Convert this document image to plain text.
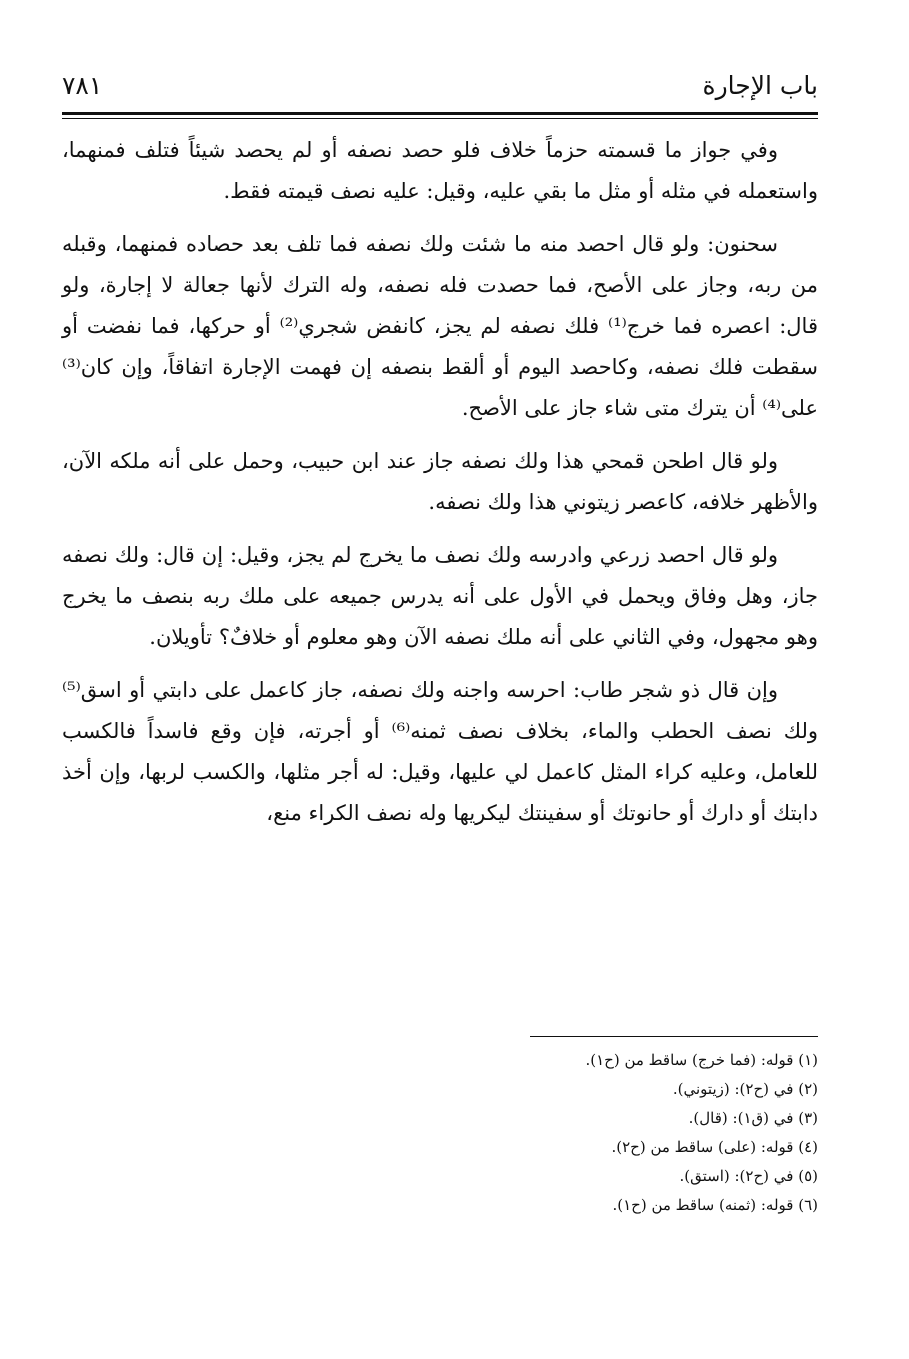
باب الإجارة
٧٨١

وفي جواز ما قسمته حزماً خلاف فلو حصد نصفه أو لم يحصد شيئاً فتلف فمنهما، واستعمله في مثله أو مثل ما بقي عليه، وقيل: عليه نصف قيمته فقط.

سحنون: ولو قال احصد منه ما شئت ولك نصفه فما تلف بعد حصاده فمنهما، وقبله من ربه، وجاز على الأصح، فما حصدت فله نصفه، وله الترك لأنها جعالة لا إجارة، ولو قال: اعصره فما خرج⁽¹⁾ فلك نصفه لم يجز، كانفض شجري⁽²⁾ أو حركها، فما نفضت أو سقطت فلك نصفه، وكاحصد اليوم أو ألقط بنصفه إن فهمت الإجارة اتفاقاً، وإن كان⁽³⁾ على⁽⁴⁾ أن يترك متى شاء جاز على الأصح.

ولو قال اطحن قمحي هذا ولك نصفه جاز عند ابن حبيب، وحمل على أنه ملكه الآن، والأظهر خلافه، كاعصر زيتوني هذا ولك نصفه.

ولو قال احصد زرعي وادرسه ولك نصف ما يخرج لم يجز، وقيل: إن قال: ولك نصفه جاز، وهل وفاق ويحمل في الأول على أنه يدرس جميعه على ملك ربه بنصف ما يخرج وهو مجهول، وفي الثاني على أنه ملك نصفه الآن وهو معلوم أو خلافٌ؟ تأويلان.

وإن قال ذو شجر طاب: احرسه واجنه ولك نصفه، جاز كاعمل على دابتي أو اسق⁽⁵⁾ ولك نصف الحطب والماء، بخلاف نصف ثمنه⁽⁶⁾ أو أجرته، فإن وقع فاسداً فالكسب للعامل، وعليه كراء المثل كاعمل لي عليها، وقيل: له أجر مثلها، والكسب لربها، وإن أخذ دابتك أو دارك أو حانوتك أو سفينتك ليكريها وله نصف الكراء منع،

(١) قوله: (فما خرج) ساقط من (ح١).

(٢) في (ح٢): (زيتوني).

(٣) في (ق١): (قال).

(٤) قوله: (على) ساقط من (ح٢).

(٥) في (ح٢): (استق).

(٦) قوله: (ثمنه) ساقط من (ح١).
